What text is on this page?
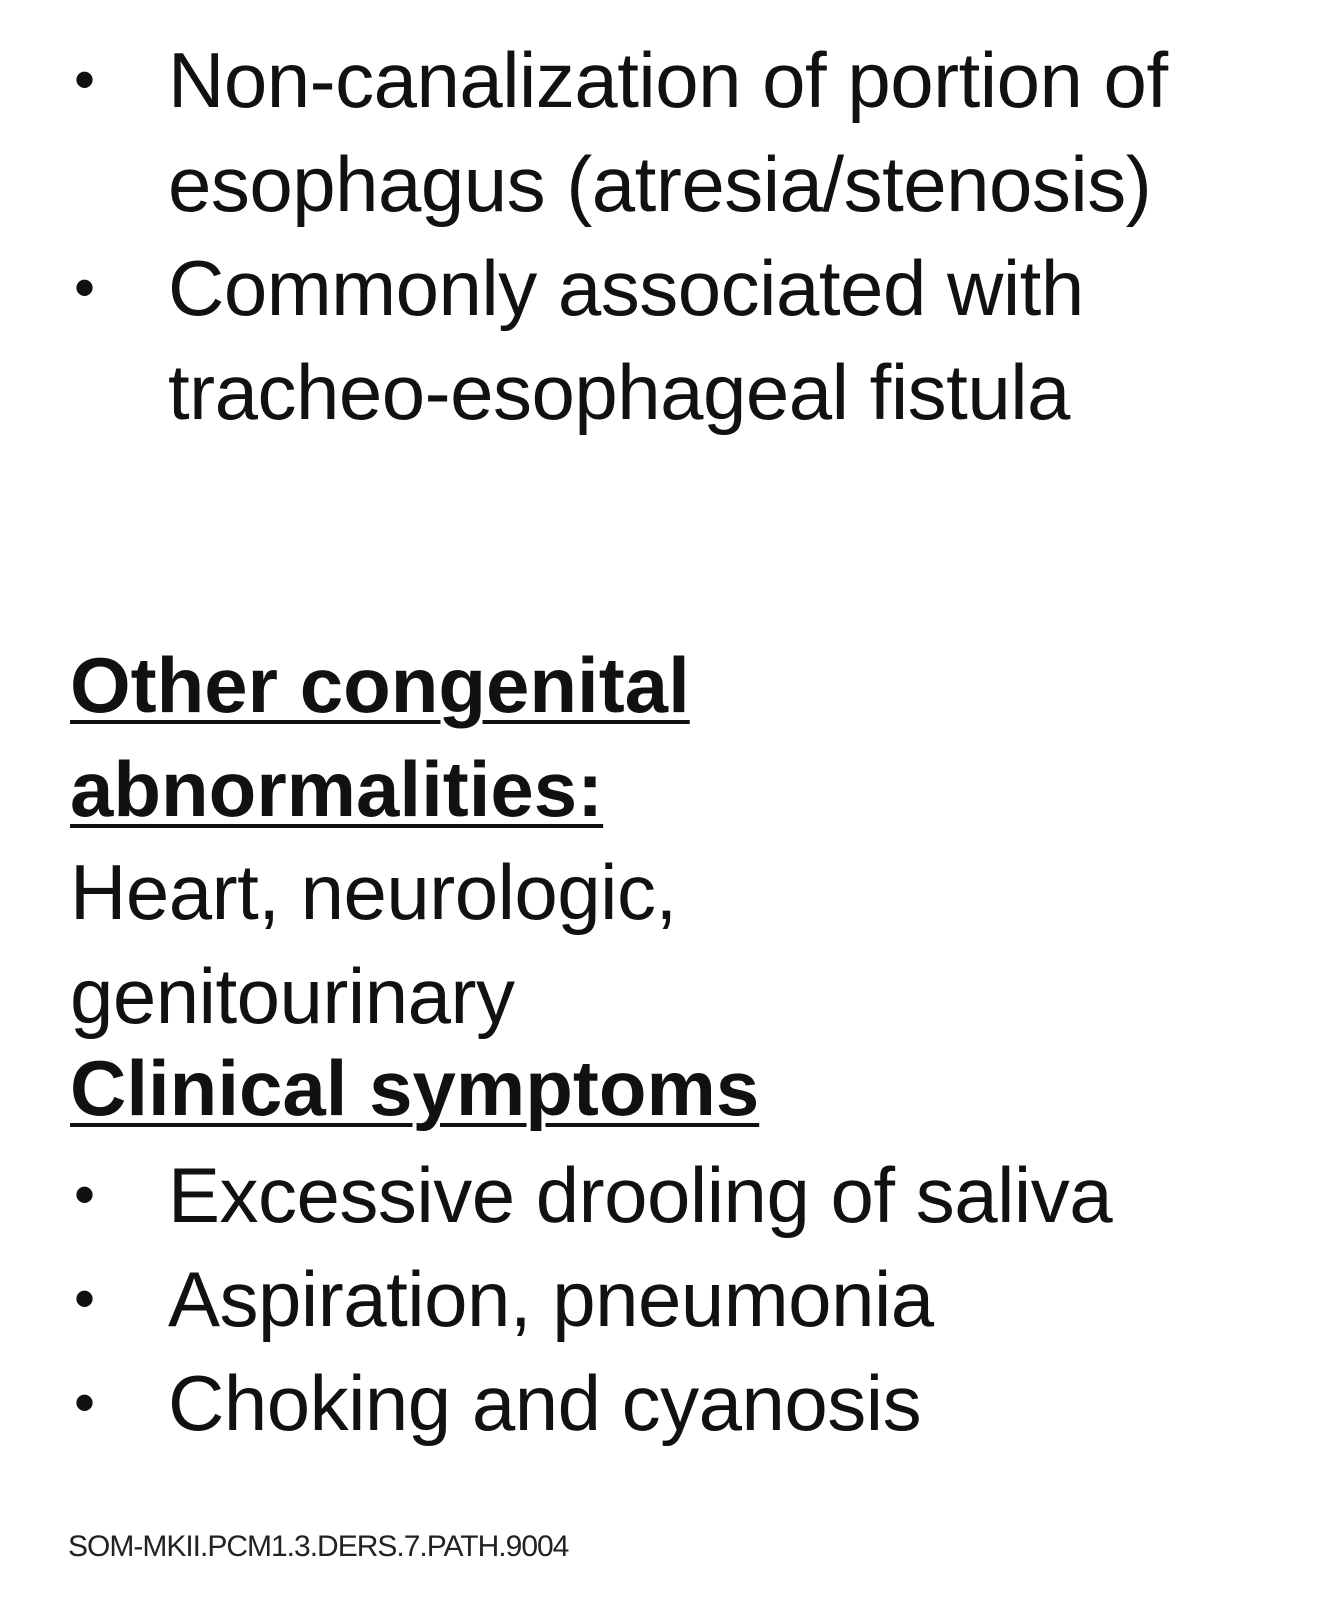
• Non-canalization of portion of esophagus (atresia/stenosis)
• Commonly associated with tracheo-esophageal fistula
Other congenital abnormalities:

Heart, neurologic, genitourinary

Clinical symptoms
• Excessive drooling of saliva
• Aspiration, pneumonia
• Choking and cyanosis
SOM-MKII.PCM1.3.DERS.7.PATH.9004
